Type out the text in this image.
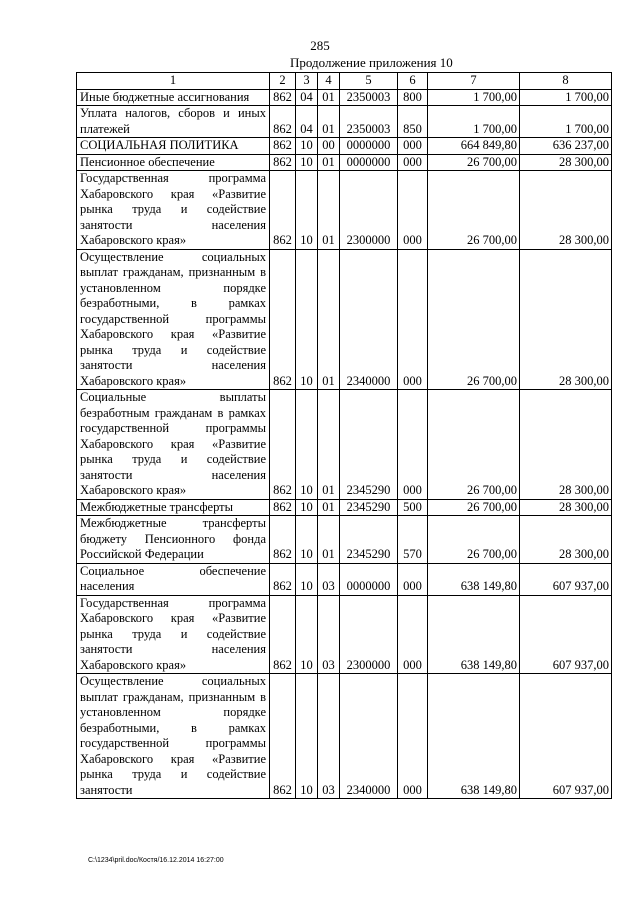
285
Продолжение приложения 10
1	2	3	4	5	6	7	8
Иные бюджетные ассигнования	862	04	01	2350003	800	1 700,00	1 700,00
Уплата налогов, сборов и иных платежей	862	04	01	2350003	850	1 700,00	1 700,00
СОЦИАЛЬНАЯ ПОЛИТИКА	862	10	00	0000000	000	664 849,80	636 237,00
Пенсионное обеспечение	862	10	01	0000000	000	26 700,00	28 300,00
Государственная программа Хабаровского края «Развитие рынка труда и содействие занятости населения Хабаровского края»	862	10	01	2300000	000	26 700,00	28 300,00
Осуществление социальных выплат гражданам, признанным в установленном порядке безработными, в рамках государственной программы Хабаровского края «Развитие рынка труда и содействие занятости населения Хабаровского края»	862	10	01	2340000	000	26 700,00	28 300,00
Социальные выплаты безработным гражданам в рамках государственной программы Хабаровского края «Развитие рынка труда и содействие занятости населения Хабаровского края»	862	10	01	2345290	000	26 700,00	28 300,00
Межбюджетные трансферты	862	10	01	2345290	500	26 700,00	28 300,00
Межбюджетные трансферты бюджету Пенсионного фонда Российской Федерации	862	10	01	2345290	570	26 700,00	28 300,00
Социальное обеспечение населения	862	10	03	0000000	000	638 149,80	607 937,00
Государственная программа Хабаровского края «Развитие рынка труда и содействие занятости населения Хабаровского края»	862	10	03	2300000	000	638 149,80	607 937,00
Осуществление социальных выплат гражданам, признанным в установленном порядке безработными, в рамках государственной программы Хабаровского края «Развитие рынка труда и содействие занятости	862	10	03	2340000	000	638 149,80	607 937,00
C:\1234\pril.doc/Костя/16.12.2014 16:27:00
